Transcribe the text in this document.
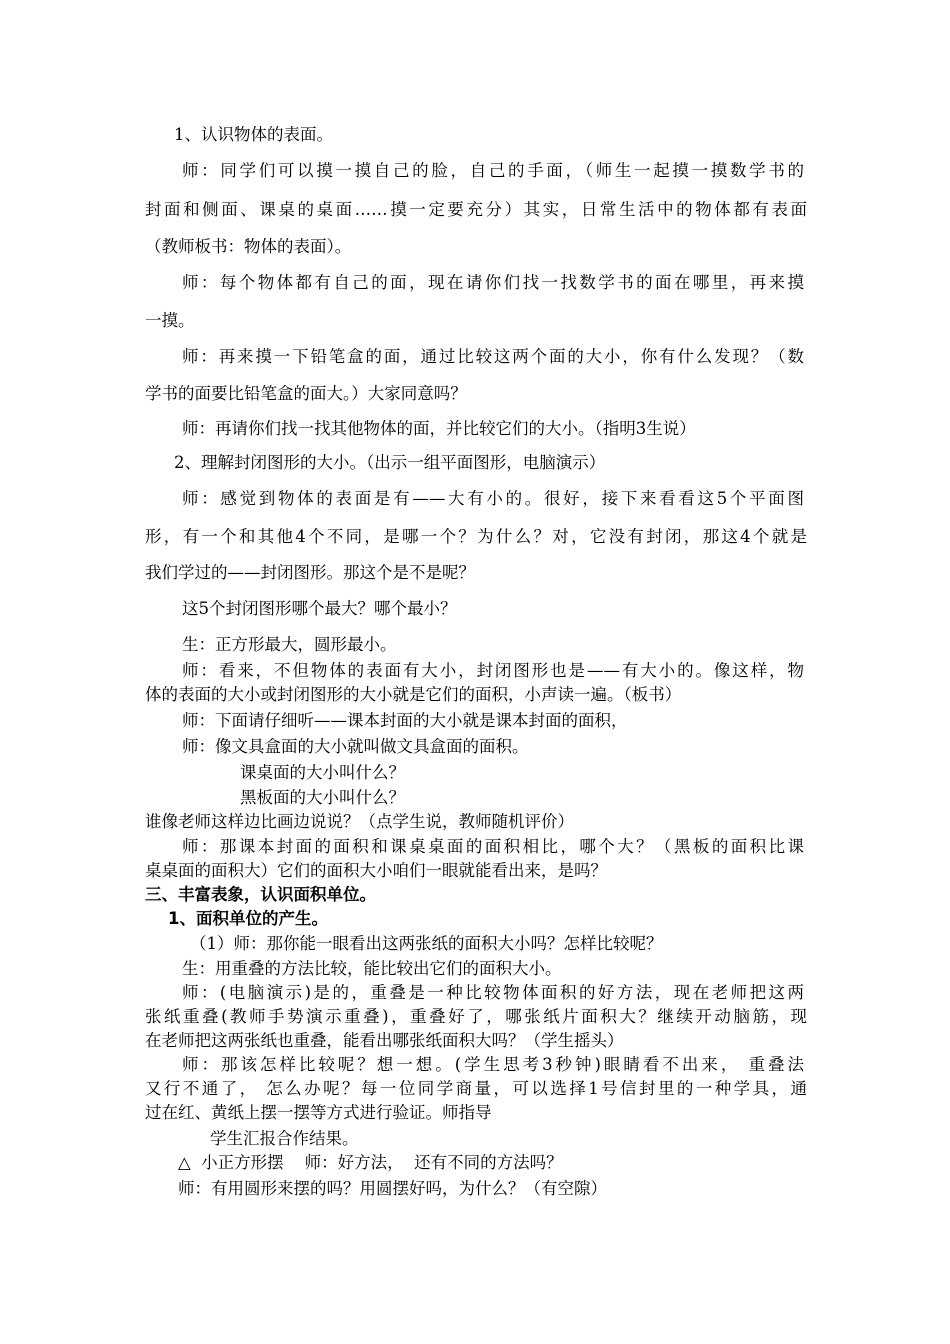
1、认识物体的表面。
师：同学们可以摸一摸自己的脸，自己的手面，（师生一起摸一摸数学书的
封面和侧面、课桌的桌面……摸一定要充分）其实，日常生活中的物体都有表面
（教师板书：物体的表面）。
师：每个物体都有自己的面，现在请你们找一找数学书的面在哪里，再来摸
一摸。
师：再来摸一下铅笔盒的面，通过比较这两个面的大小，你有什么发现？（数
学书的面要比铅笔盒的面大。）大家同意吗？
师：再请你们找一找其他物体的面，并比较它们的大小。（指明3生说）
2、理解封闭图形的大小。（出示一组平面图形，电脑演示）
师：感觉到物体的表面是有——大有小的。很好，接下来看看这5个平面图
形，有一个和其他4个不同，是哪一个？为什么？对，它没有封闭，那这4个就是
我们学过的——封闭图形。那这个是不是呢？
这5个封闭图形哪个最大？哪个最小？
生：正方形最大，圆形最小。
师：看来，不但物体的表面有大小，封闭图形也是——有大小的。像这样，物
体的表面的大小或封闭图形的大小就是它们的面积，小声读一遍。（板书）
师：下面请仔细听——课本封面的大小就是课本封面的面积，
师：像文具盒面的大小就叫做文具盒面的面积。
课桌面的大小叫什么？
黑板面的大小叫什么？
谁像老师这样边比画边说说？（点学生说，教师随机评价）
师：那课本封面的面积和课桌桌面的面积相比，哪个大？（黑板的面积比课
桌桌面的面积大）它们的面积大小咱们一眼就能看出来，是吗？
三、丰富表象，认识面积单位。
1、面积单位的产生。
（1）师：那你能一眼看出这两张纸的面积大小吗？怎样比较呢？
生：用重叠的方法比较，能比较出它们的面积大小。
师：(电脑演示)是的，重叠是一种比较物体面积的好方法，现在老师把这两
张纸重叠(教师手势演示重叠)，重叠好了，哪张纸片面积大？继续开动脑筋，现
在老师把这两张纸也重叠，能看出哪张纸面积大吗？（学生摇头）
师：那该怎样比较呢？想一想。(学生思考3秒钟)眼睛看不出来， 重叠法
又行不通了， 怎么办呢？每一位同学商量，可以选择1号信封里的一种学具，通
过在红、黄纸上摆一摆等方式进行验证。师指导
学生汇报合作结果。
△  小正方形摆    师：好方法，  还有不同的方法吗？
师：有用圆形来摆的吗？用圆摆好吗，为什么？（有空隙）
